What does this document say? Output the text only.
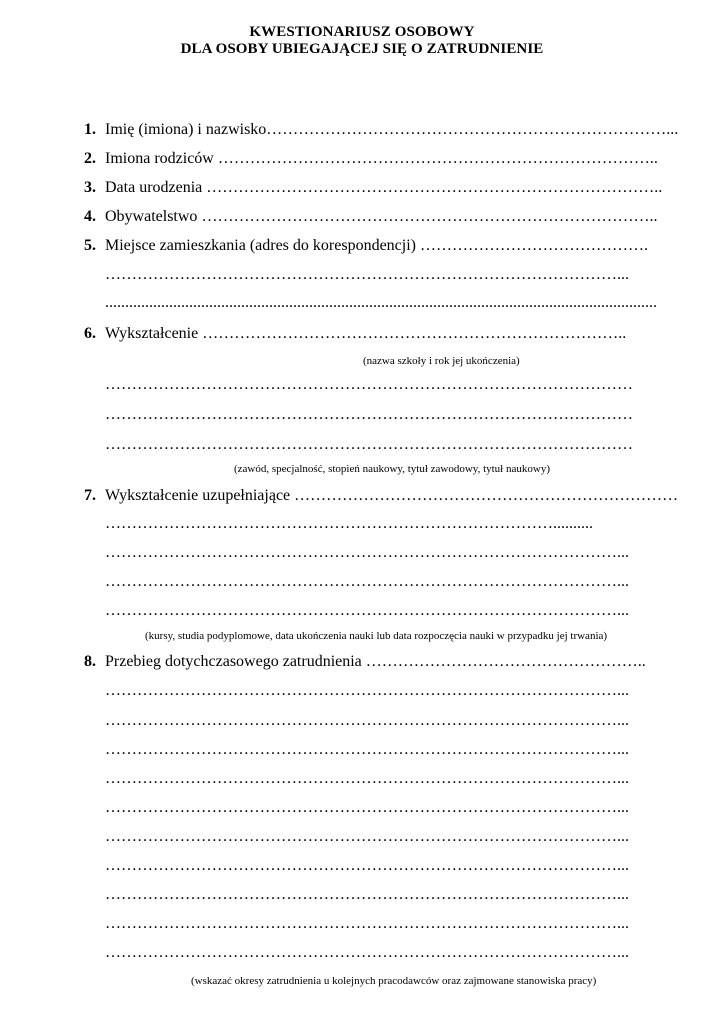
KWESTIONARIUSZ OSOBOWY
DLA OSOBY UBIEGAJĄCEJ SIĘ O ZATRUDNIENIE
1. Imię (imiona) i nazwisko…………………………………………………………………...
2. Imiona rodziców ………………………………………………………………………..
3. Data urodzenia …………………………………………………………………………..
4. Obywatelstwo …………………………………………………………………………..
5. Miejsce zamieszkania (adres do korespondencji) …………………………………….
……………………………………………………………………………………...
..........................................................................................................................................
6. Wykształcenie ……………………………………………………………………..
(nazwa szkoły i rok jej ukończenia)
………………………………………………………………………………………
………………………………………………………………………………………
………………………………………………………………………………………
(zawód, specjalność, stopień naukowy, tytuł zawodowy, tytuł naukowy)
7. Wykształcenie uzupełniające ………………………………………………………………
…………………………………………………………………………..........
……………………………………………………………………………………...
……………………………………………………………………………………...
……………………………………………………………………………………...
(kursy, studia podyplomowe, data ukończenia nauki lub data rozpoczęcia nauki w przypadku jej trwania)
8. Przebieg dotychczasowego zatrudnienia ……………………………………………..
……………………………………………………………………………………...
……………………………………………………………………………………...
……………………………………………………………………………………...
……………………………………………………………………………………...
……………………………………………………………………………………...
……………………………………………………………………………………...
……………………………………………………………………………………...
……………………………………………………………………………………...
……………………………………………………………………………………...
……………………………………………………………………………………...
(wskazać okresy zatrudnienia u kolejnych pracodawców oraz zajmowane stanowiska pracy)
